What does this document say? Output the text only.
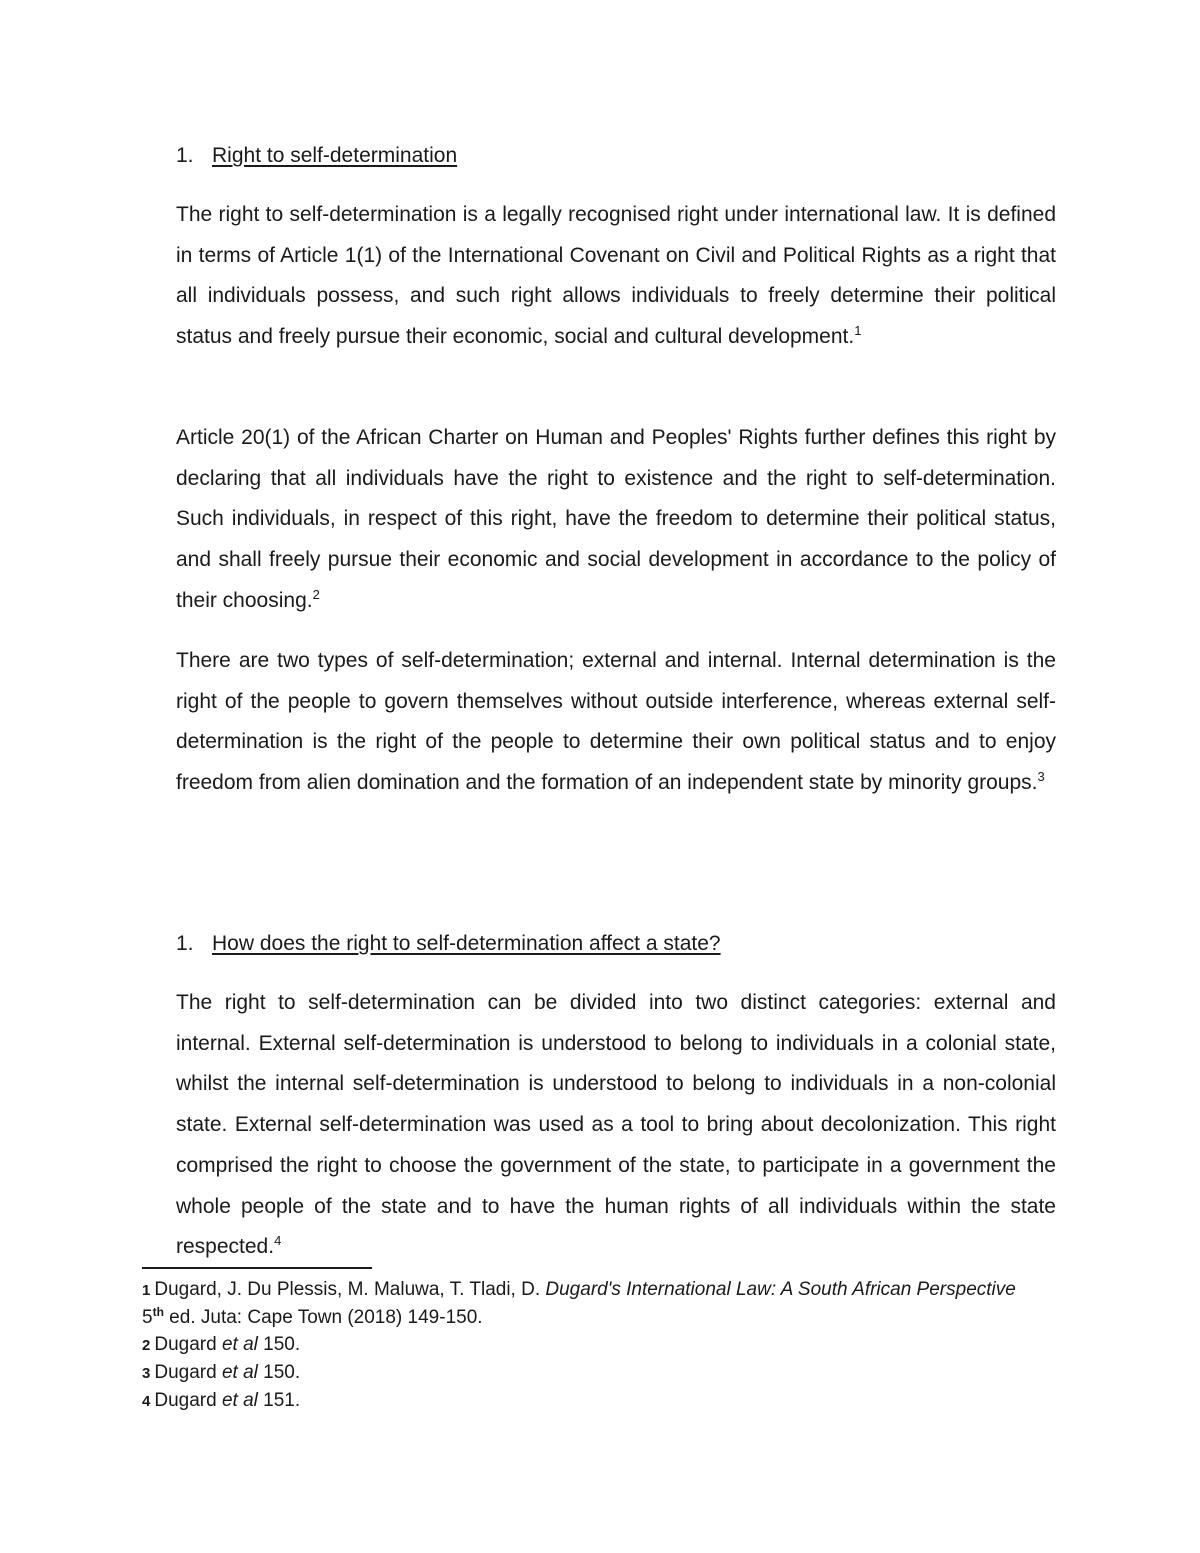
1. Right to self-determination

The right to self-determination is a legally recognised right under international law. It is defined in terms of Article 1(1) of the International Covenant on Civil and Political Rights as a right that all individuals possess, and such right allows individuals to freely determine their political status and freely pursue their economic, social and cultural development.$^1$

Article 20(1) of the African Charter on Human and Peoples' Rights further defines this right by declaring that all individuals have the right to existence and the right to self-determination. Such individuals, in respect of this right, have the freedom to determine their political status, and shall freely pursue their economic and social development in accordance to the policy of their choosing.$^2$

There are two types of self-determination; external and internal. Internal determination is the right of the people to govern themselves without outside interference, whereas external self-determination is the right of the people to determine their own political status and to enjoy freedom from alien domination and the formation of an independent state by minority groups.$^3$

1. How does the right to self-determination affect a state?

The right to self-determination can be divided into two distinct categories: external and internal. External self-determination is understood to belong to individuals in a colonial state, whilst the internal self-determination is understood to belong to individuals in a non-colonial state. External self-determination was used as a tool to bring about decolonization. This right comprised the right to choose the government of the state, to participate in a government the whole people of the state and to have the human rights of all individuals within the state respected.$^4$

1 Dugard, J. Du Plessis, M. Maluwa, T. Tladi, D. Dugard's International Law: A South African Perspective 5th ed. Juta: Cape Town (2018) 149-150.

2 Dugard et al 150.

3 Dugard et al 150.

4 Dugard et al 151.
